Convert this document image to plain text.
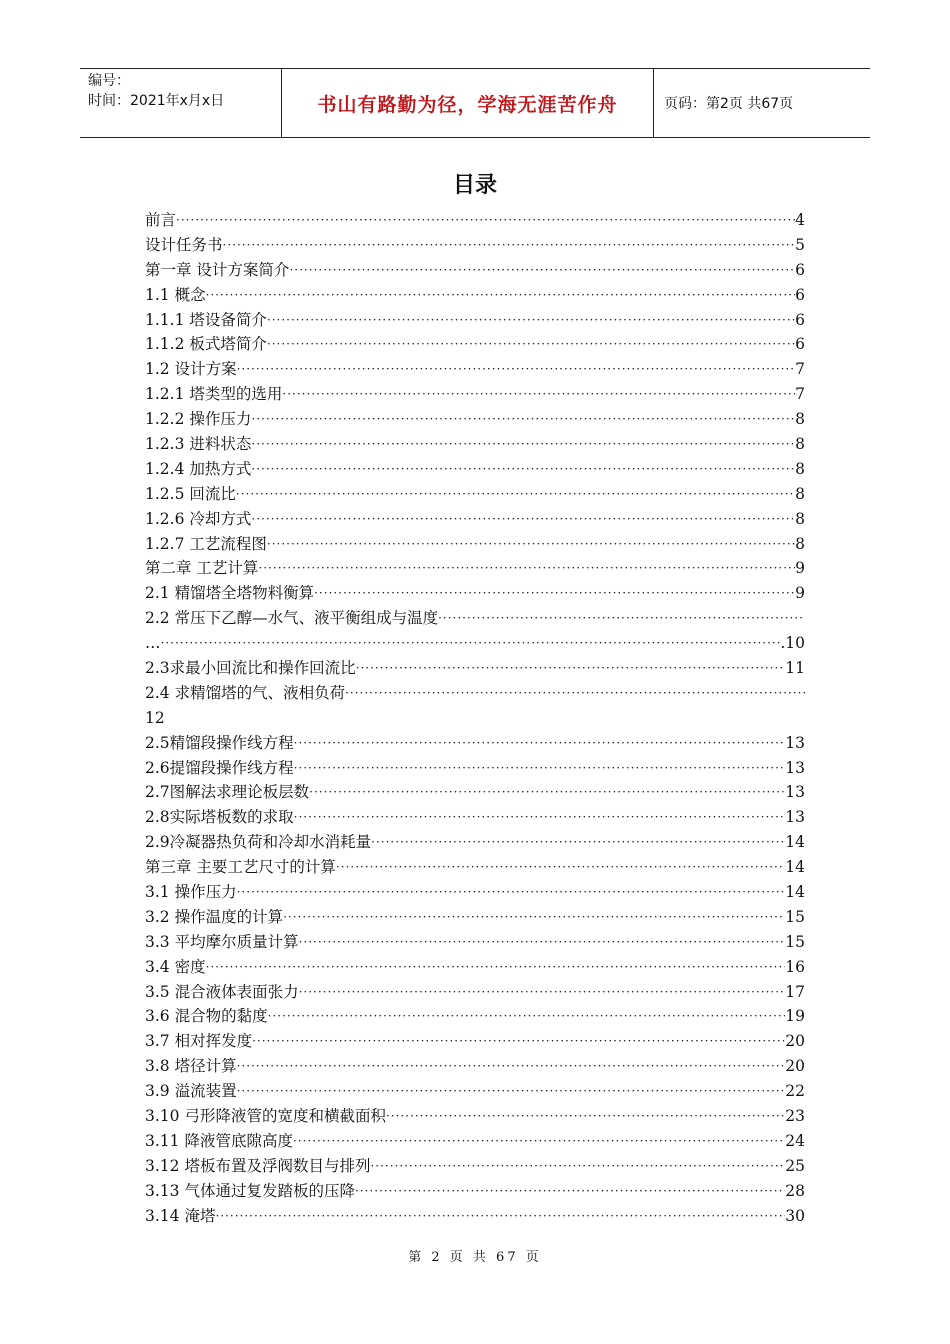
编号：
时间：2021年x月x日	书山有路勤为径，学海无涯苦作舟	页码：第2页 共67页
目录
前言 ·····	4
设计任务书 ·····	5
第一章 设计方案简介 ·····	6
1.1 概念 ·····	6
1.1.1 塔设备简介 ·····	6
1.1.2 板式塔简介 ·····	6
1.2 设计方案 ·····	7
1.2.1 塔类型的选用 ·····	7
1.2.2 操作压力 ·····	8
1.2.3 进料状态 ·····	8
1.2.4 加热方式 ·····	8
1.2.5 回流比 ·····	8
1.2.6 冷却方式 ·····	8
1.2.7 工艺流程图 ·····	8
第二章 工艺计算 ·····	9
2.1 精馏塔全塔物料衡算 ·····	9
2.2 常压下乙醇—水气、液平衡组成与温度
·····
… ·····	.10
2.3求最小回流比和操作回流比 ·····	11
2.4 求精馏塔的气、液相负荷
·····
12
2.5精馏段操作线方程 ·····	13
2.6提馏段操作线方程 ·····	13
2.7图解法求理论板层数 ·····	13
2.8实际塔板数的求取 ·····	13
2.9冷凝器热负荷和冷却水消耗量 ·····	14
第三章 主要工艺尺寸的计算 ·····	14
3.1 操作压力 ·····	14
3.2 操作温度的计算 ·····	15
3.3 平均摩尔质量计算 ·····	15
3.4 密度 ·····	16
3.5 混合液体表面张力 ·····	17
3.6 混合物的黏度 ·····	19
3.7 相对挥发度 ·····	20
3.8 塔径计算 ·····	20
3.9 溢流装置 ·····	22
3.10 弓形降液管的宽度和横截面积 ·····	23
3.11 降液管底隙高度 ·····	24
3.12 塔板布置及浮阀数目与排列 ·····	25
3.13 气体通过复发踏板的压降 ·····	28
3.14 淹塔 ·····	30
第 2 页 共 67 页
